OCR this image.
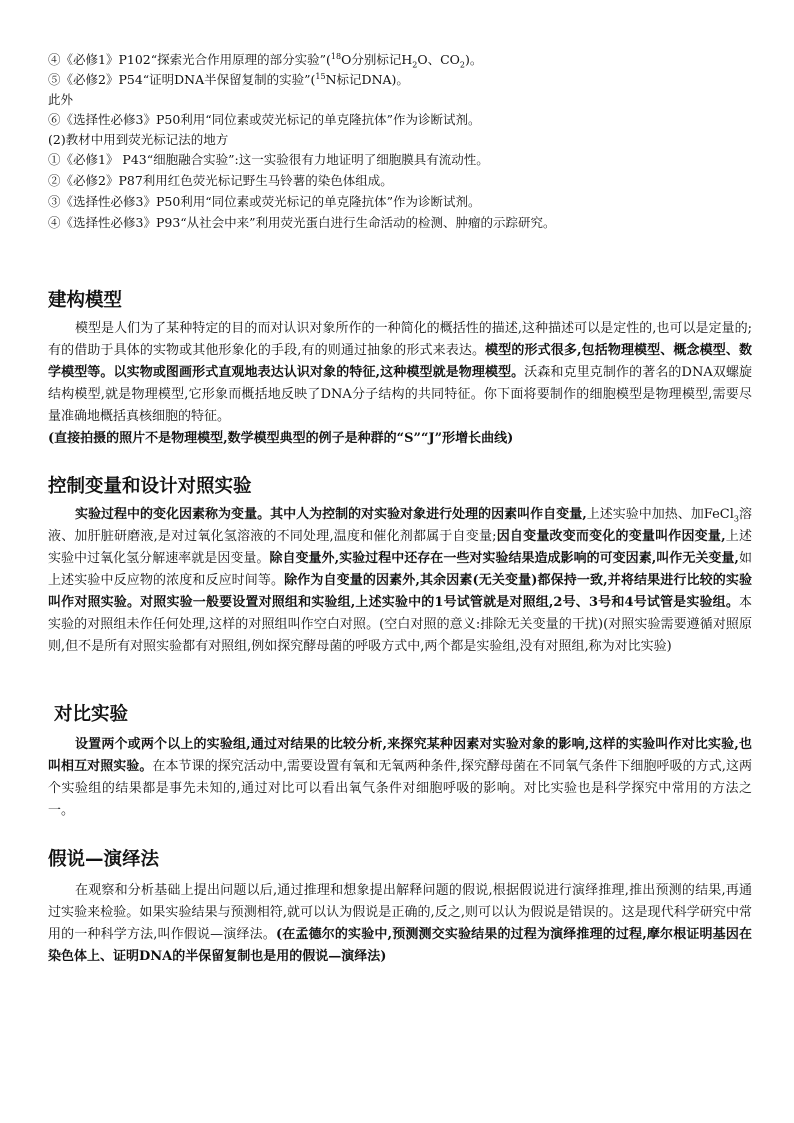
④《必修1》P102“探索光合作用原理的部分实验”($^{18}$O分别标记$H_2O$、$CO_2$)。
⑤《必修2》P54“证明DNA半保留复制的实验”($^{15}$N标记DNA)。
此外
⑥《选择性必修3》P50利用“同位素或荧光标记的单克隆抗体”作为诊断试剂。
(2)教材中用到荧光标记法的地方
①《必修1》 P43“细胞融合实验”:这一实验很有力地证明了细胞膜具有流动性。
②《必修2》P87利用红色荧光标记野生马铃薯的染色体组成。
③《选择性必修3》P50利用“同位素或荧光标记的单克隆抗体”作为诊断试剂。
④《选择性必修3》P93“从社会中来”利用荧光蛋白进行生命活动的检测、肿瘤的示踪研究。
建构模型
模型是人们为了某种特定的目的而对认识对象所作的一种简化的概括性的描述,这种描述可以是定性的,也可以是定量的;有的借助于具体的实物或其他形象化的手段,有的则通过抽象的形式来表达。模型的形式很多,包括物理模型、概念模型、数学模型等。以实物或图画形式直观地表达认识对象的特征,这种模型就是物理模型。沃森和克里克制作的著名的DNA双螺旋结构模型,就是物理模型,它形象而概括地反映了DNA分子结构的共同特征。你下面将要制作的细胞模型是物理模型,需要尽量准确地概括真核细胞的特征。
(直接拍摄的照片不是物理模型,数学模型典型的例子是种群的“S”“J”形增长曲线)
控制变量和设计对照实验
实验过程中的变化因素称为变量。其中人为控制的对实验对象进行处理的因素叫作自变量,上述实验中加热、加FeCl$_3$溶液、加肝脏研磨液,是对过氧化氢溶液的不同处理,温度和催化剂都属于自变量;因自变量改变而变化的变量叫作因变量,上述实验中过氧化氢分解速率就是因变量。除自变量外,实验过程中还存在一些对实验结果造成影响的可变因素,叫作无关变量,如上述实验中反应物的浓度和反应时间等。除作为自变量的因素外,其余因素(无关变量)都保持一致,并将结果进行比较的实验叫作对照实验。对照实验一般要设置对照组和实验组,上述实验中的1号试管就是对照组,2号、3号和4号试管是实验组。本实验的对照组未作任何处理,这样的对照组叫作空白对照。(空白对照的意义:排除无关变量的干扰)(对照实验需要遵循对照原则,但不是所有对照实验都有对照组,例如探究酵母菌的呼吸方式中,两个都是实验组,没有对照组,称为对比实验)
对比实验
设置两个或两个以上的实验组,通过对结果的比较分析,来探究某种因素对实验对象的影响,这样的实验叫作对比实验,也叫相互对照实验。在本节课的探究活动中,需要设置有氧和无氧两种条件,探究酵母菌在不同氧气条件下细胞呼吸的方式,这两个实验组的结果都是事先未知的,通过对比可以看出氧气条件对细胞呼吸的影响。对比实验也是科学探究中常用的方法之一。
假说—演绎法
在观察和分析基础上提出问题以后,通过推理和想象提出解释问题的假说,根据假说进行演绎推理,推出预测的结果,再通过实验来检验。如果实验结果与预测相符,就可以认为假说是正确的,反之,则可以认为假说是错误的。这是现代科学研究中常用的一种科学方法,叫作假说—演绎法。(在孟德尔的实验中,预测测交实验结果的过程为演绎推理的过程,摩尔根证明基因在染色体上、证明DNA的半保留复制也是用的假说—演绎法)
